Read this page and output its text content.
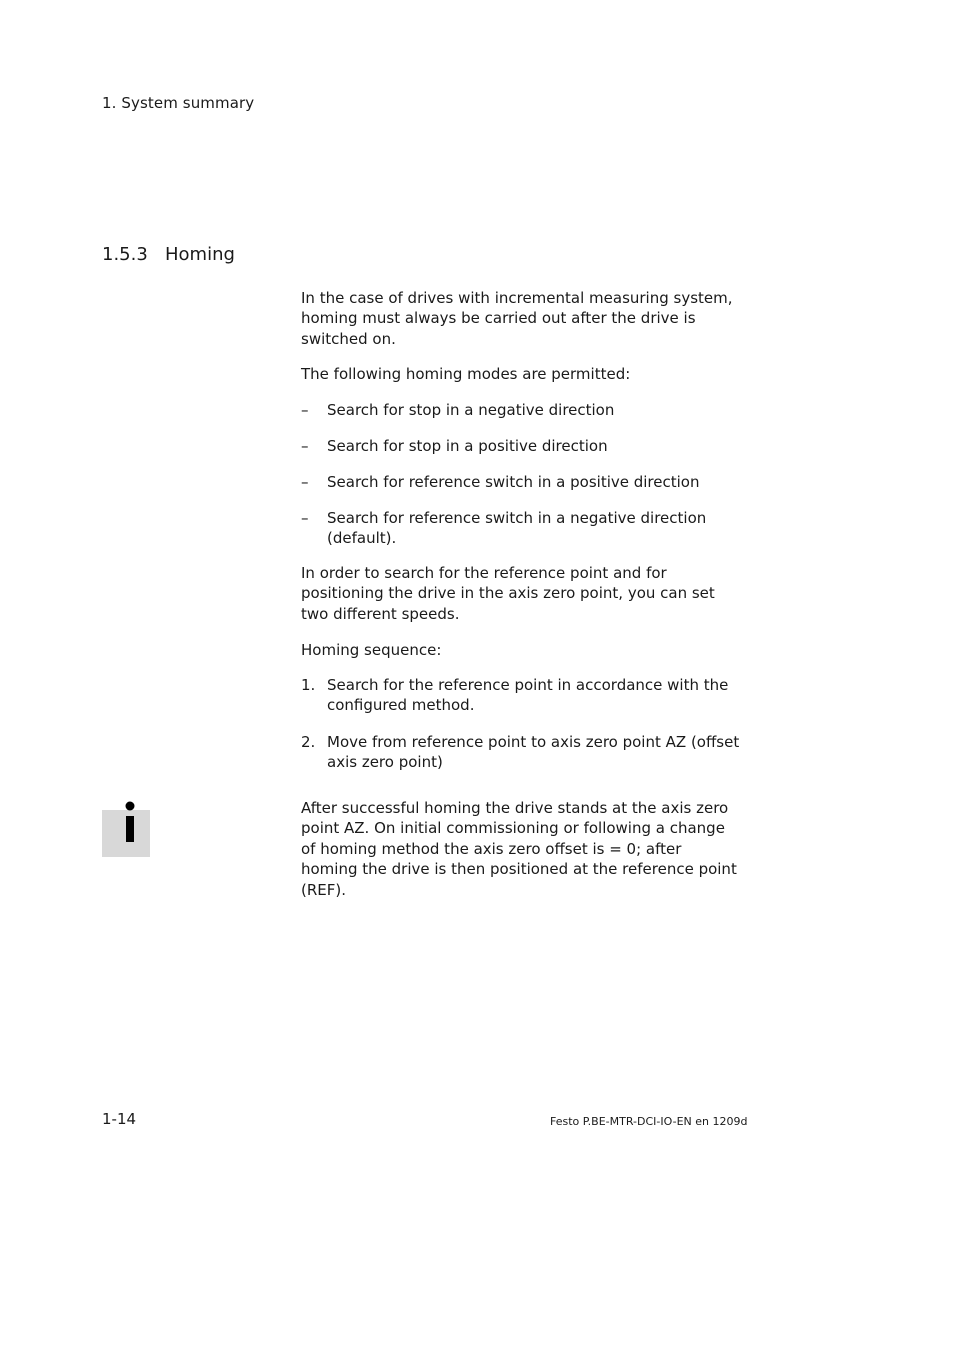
1. System summary
1.5.3 Homing
In the case of drives with incremental measuring system, homing must always be carried out after the drive is switched on.
The following homing modes are permitted:
–	Search for stop in a negative direction
–	Search for stop in a positive direction
–	Search for reference switch in a positive direction
–	Search for reference switch in a negative direction (default).
In order to search for the reference point and for positioning the drive in the axis zero point, you can set two different speeds.
Homing sequence:
1. Search for the reference point in accordance with the configured method.
2. Move from reference point to axis zero point AZ (offset axis zero point)
After successful homing the drive stands at the axis zero point AZ. On initial commissioning or following a change of homing method the axis zero offset is = 0; after homing the drive is then positioned at the reference point (REF).
1-14	Festo P.BE-MTR-DCI-IO-EN en 1209d
